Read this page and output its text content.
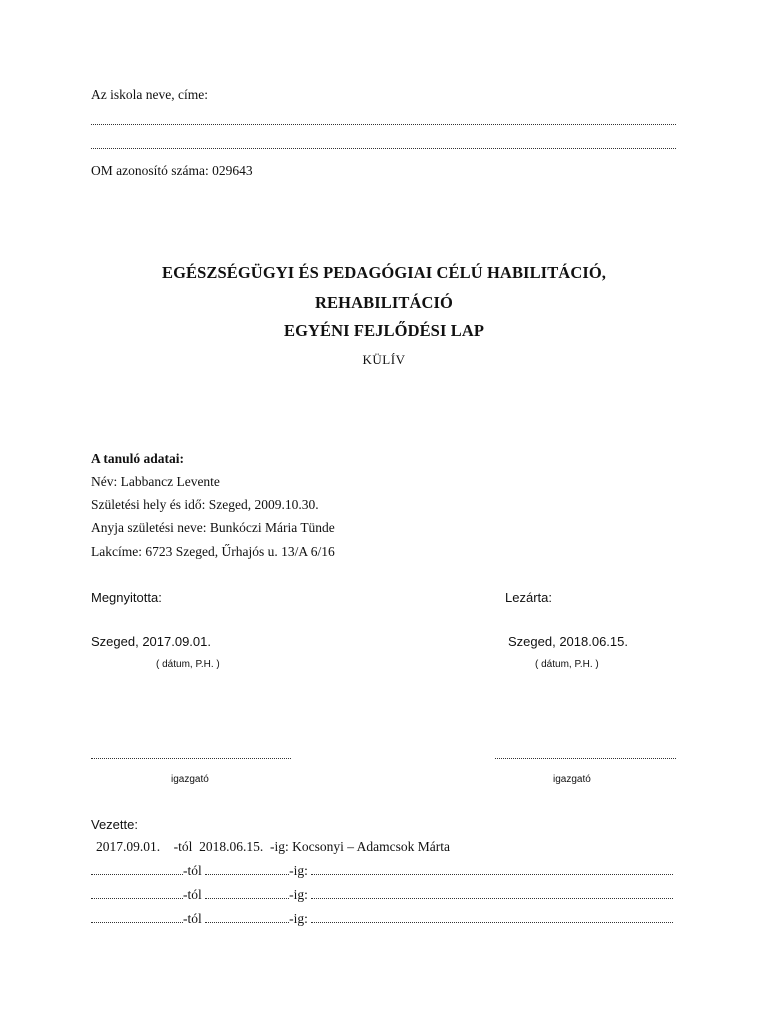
Az iskola neve, címe:
OM azonosító száma: 029643
EGÉSZSÉGÜGYI ÉS PEDAGÓGIAI CÉLÚ HABILITÁCIÓ,
REHABILITÁCIÓ
EGYÉNI FEJLŐDÉSI LAP
KÜLÍV
A tanuló adatai:
Név: Labbancz Levente
Születési hely és idő: Szeged, 2009.10.30.
Anyja születési neve: Bunkóczi Mária Tünde
Lakcíme: 6723 Szeged, Űrhajós u. 13/A 6/16
Megnyitotta:	Lezárta:
Szeged, 2017.09.01.	Szeged, 2018.06.15.
( dátum, P.H. )	( dátum, P.H. )
igazgató	igazgató
Vezette:
2017.09.01. -tól 2018.06.15. -ig: Kocsonyi – Adamcsok Márta
-tól	-ig:
-tól	-ig:
-tól	-ig:
